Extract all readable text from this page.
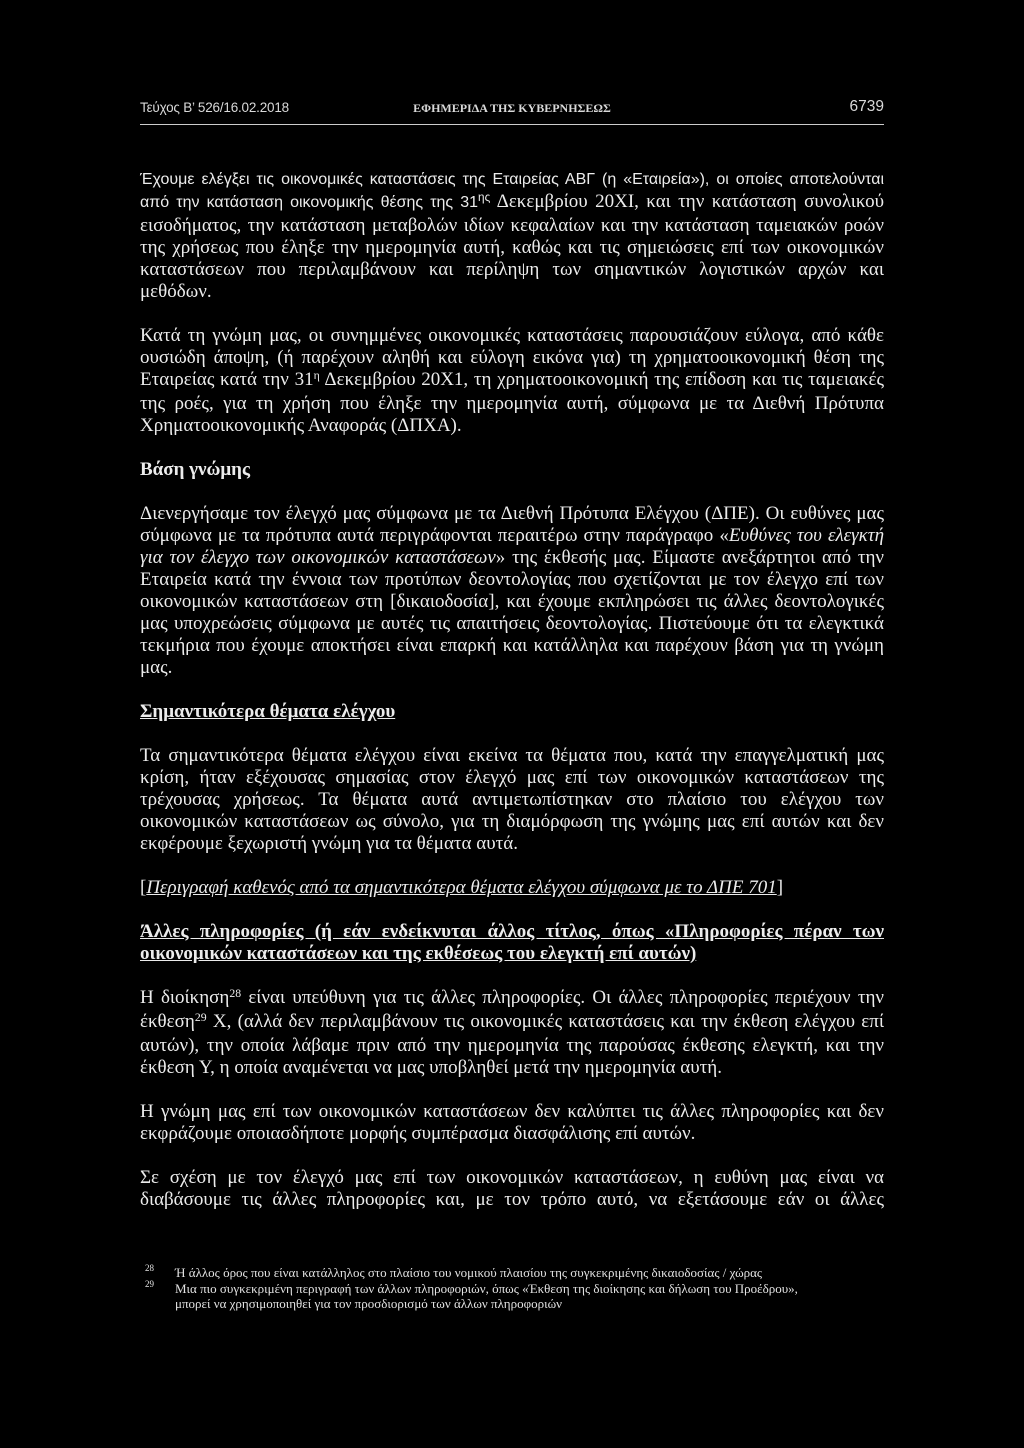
Τεύχος Β’ 526/16.02.2018	ΕΦΗΜΕΡΙΔΑ ΤΗΣ ΚΥΒΕΡΝΗΣΕΩΣ	6739

Έχουμε ελέγξει τις οικονομικές καταστάσεις της Εταιρείας ΑΒΓ (η «Εταιρεία»), οι οποίες αποτελούνται από την κατάσταση οικονομικής θέσης της $31^{\eta\varsigma}$ Δεκεμβρίου 20ΧΙ, και την κατάσταση συνολικού εισοδήματος, την κατάσταση μεταβολών ιδίων κεφαλαίων και την κατάσταση ταμειακών ροών της χρήσεως που έληξε την ημερομηνία αυτή, καθώς και τις σημειώσεις επί των οικονομικών καταστάσεων που περιλαμβάνουν και περίληψη των σημαντικών λογιστικών αρχών και μεθόδων.

Κατά τη γνώμη μας, οι συνημμένες οικονομικές καταστάσεις παρουσιάζουν εύλογα, από κάθε ουσιώδη άποψη, (ή παρέχουν αληθή και εύλογη εικόνα για) τη χρηματοοικονομική θέση της Εταιρείας κατά την $31^\eta$ Δεκεμβρίου 20Χ1, τη χρηματοοικονομική της επίδοση και τις ταμειακές της ροές, για τη χρήση που έληξε την ημερομηνία αυτή, σύμφωνα με τα Διεθνή Πρότυπα Χρηματοοικονομικής Αναφοράς (ΔΠΧΑ).

Βάση γνώμης

Διενεργήσαμε τον έλεγχό μας σύμφωνα με τα Διεθνή Πρότυπα Ελέγχου (ΔΠΕ). Οι ευθύνες μας σύμφωνα με τα πρότυπα αυτά περιγράφονται περαιτέρω στην παράγραφο «Ευθύνες του ελεγκτή για τον έλεγχο των οικονομικών καταστάσεων» της έκθεσής μας. Είμαστε ανεξάρτητοι από την Εταιρεία κατά την έννοια των προτύπων δεοντολογίας που σχετίζονται με τον έλεγχο επί των οικονομικών καταστάσεων στη [δικαιοδοσία], και έχουμε εκπληρώσει τις άλλες δεοντολογικές μας υποχρεώσεις σύμφωνα με αυτές τις απαιτήσεις δεοντολογίας. Πιστεύουμε ότι τα ελεγκτικά τεκμήρια που έχουμε αποκτήσει είναι επαρκή και κατάλληλα και παρέχουν βάση για τη γνώμη μας.

Σημαντικότερα θέματα ελέγχου

Τα σημαντικότερα θέματα ελέγχου είναι εκείνα τα θέματα που, κατά την επαγγελματική μας κρίση, ήταν εξέχουσας σημασίας στον έλεγχό μας επί των οικονομικών καταστάσεων της τρέχουσας χρήσεως. Τα θέματα αυτά αντιμετωπίστηκαν στο πλαίσιο του ελέγχου των οικονομικών καταστάσεων ως σύνολο, για τη διαμόρφωση της γνώμης μας επί αυτών και δεν εκφέρουμε ξεχωριστή γνώμη για τα θέματα αυτά.

[Περιγραφή καθενός από τα σημαντικότερα θέματα ελέγχου σύμφωνα με το ΔΠΕ 701]

Άλλες πληροφορίες (ή εάν ενδείκνυται άλλος τίτλος, όπως «Πληροφορίες πέραν των οικονομικών καταστάσεων και της εκθέσεως του ελεγκτή επί αυτών)

Η διοίκηση$^{28}$ είναι υπεύθυνη για τις άλλες πληροφορίες. Οι άλλες πληροφορίες περιέχουν την έκθεση$^{29}$ Χ, (αλλά δεν περιλαμβάνουν τις οικονομικές καταστάσεις και την έκθεση ελέγχου επί αυτών), την οποία λάβαμε πριν από την ημερομηνία της παρούσας έκθεσης ελεγκτή, και την έκθεση Υ, η οποία αναμένεται να μας υποβληθεί μετά την ημερομηνία αυτή.

Η γνώμη μας επί των οικονομικών καταστάσεων δεν καλύπτει τις άλλες πληροφορίες και δεν εκφράζουμε οποιασδήποτε μορφής συμπέρασμα διασφάλισης επί αυτών.

Σε σχέση με τον έλεγχό μας επί των οικονομικών καταστάσεων, η ευθύνη μας είναι να διαβάσουμε τις άλλες πληροφορίες και, με τον τρόπο αυτό, να εξετάσουμε εάν οι άλλες

28	Ή άλλος όρος που είναι κατάλληλος στο πλαίσιο του νομικού πλαισίου της συγκεκριμένης δικαιοδοσίας / χώρας
29	Μια πιο συγκεκριμένη περιγραφή των άλλων πληροφοριών, όπως «Έκθεση της διοίκησης και δήλωση του Προέδρου»,
μπορεί να χρησιμοποιηθεί για τον προσδιορισμό των άλλων πληροφοριών
